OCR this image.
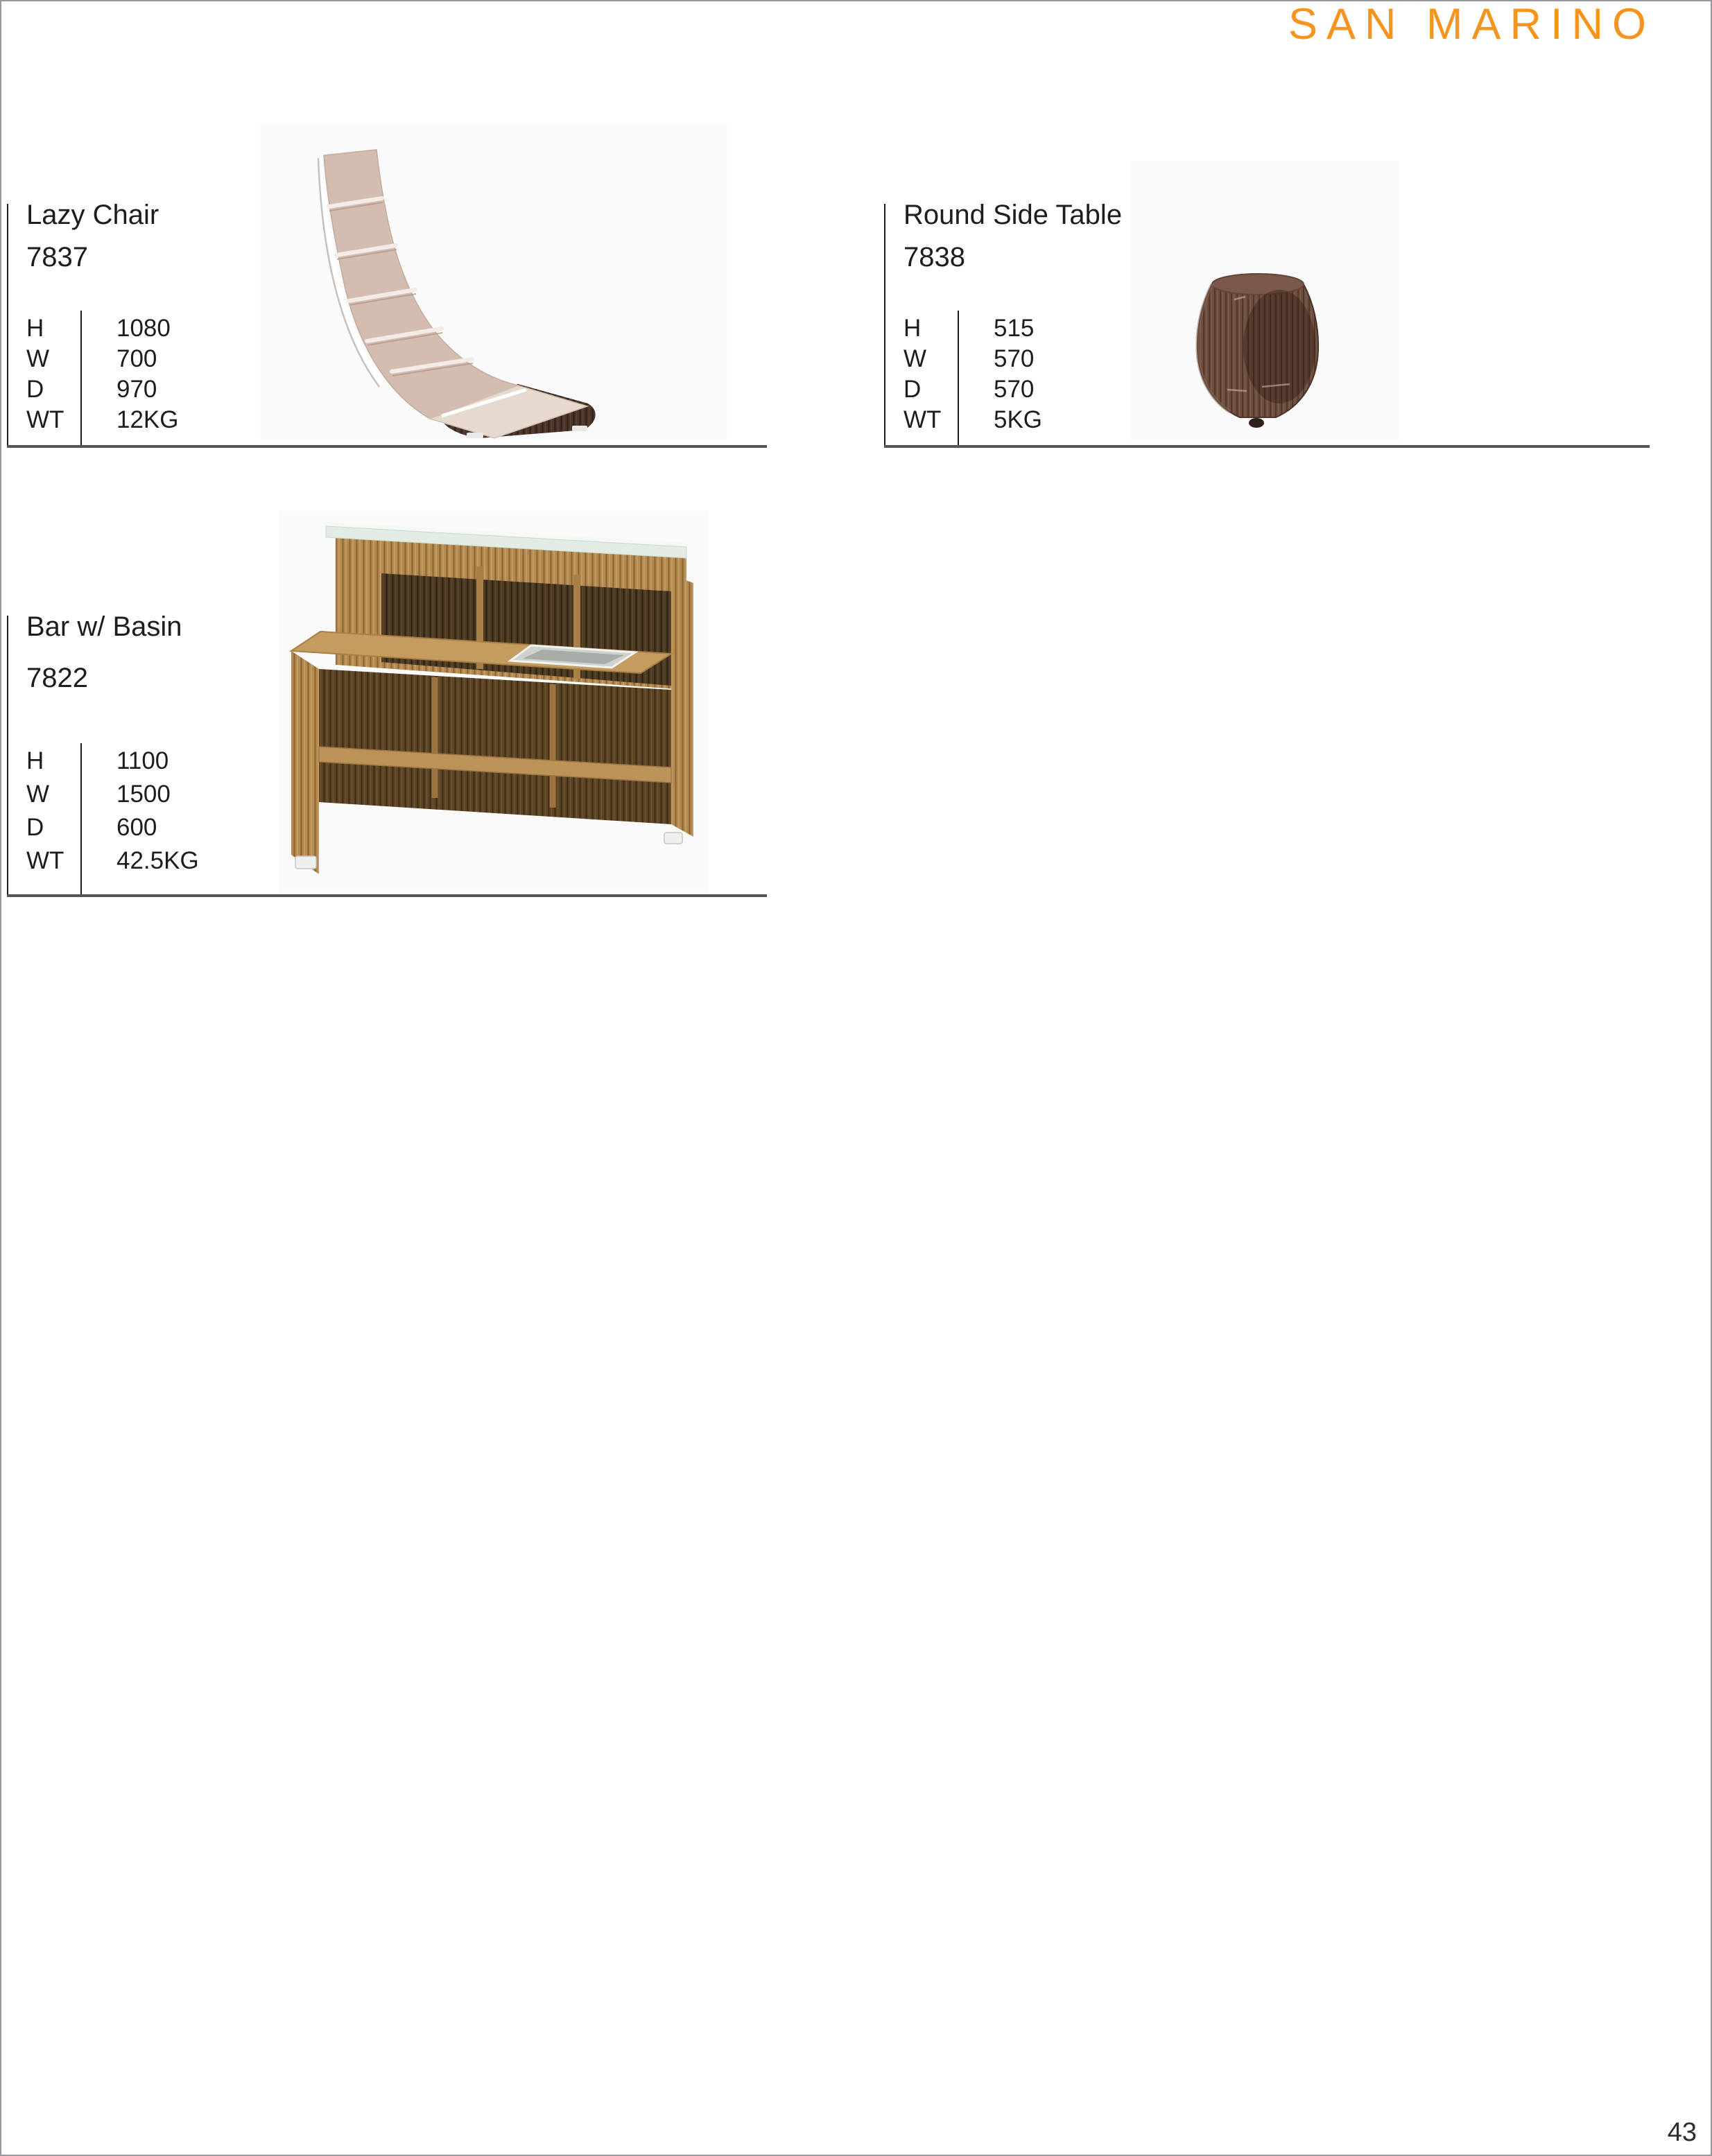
SAN MARINO
Lazy Chair
7837
H	1080
W	700
D	970
WT	12KG
Round Side Table
7838
H	515
W	570
D	570
WT	5KG
Bar w/ Basin
7822
H	1100
W	1500
D	600
WT	42.5KG
43
